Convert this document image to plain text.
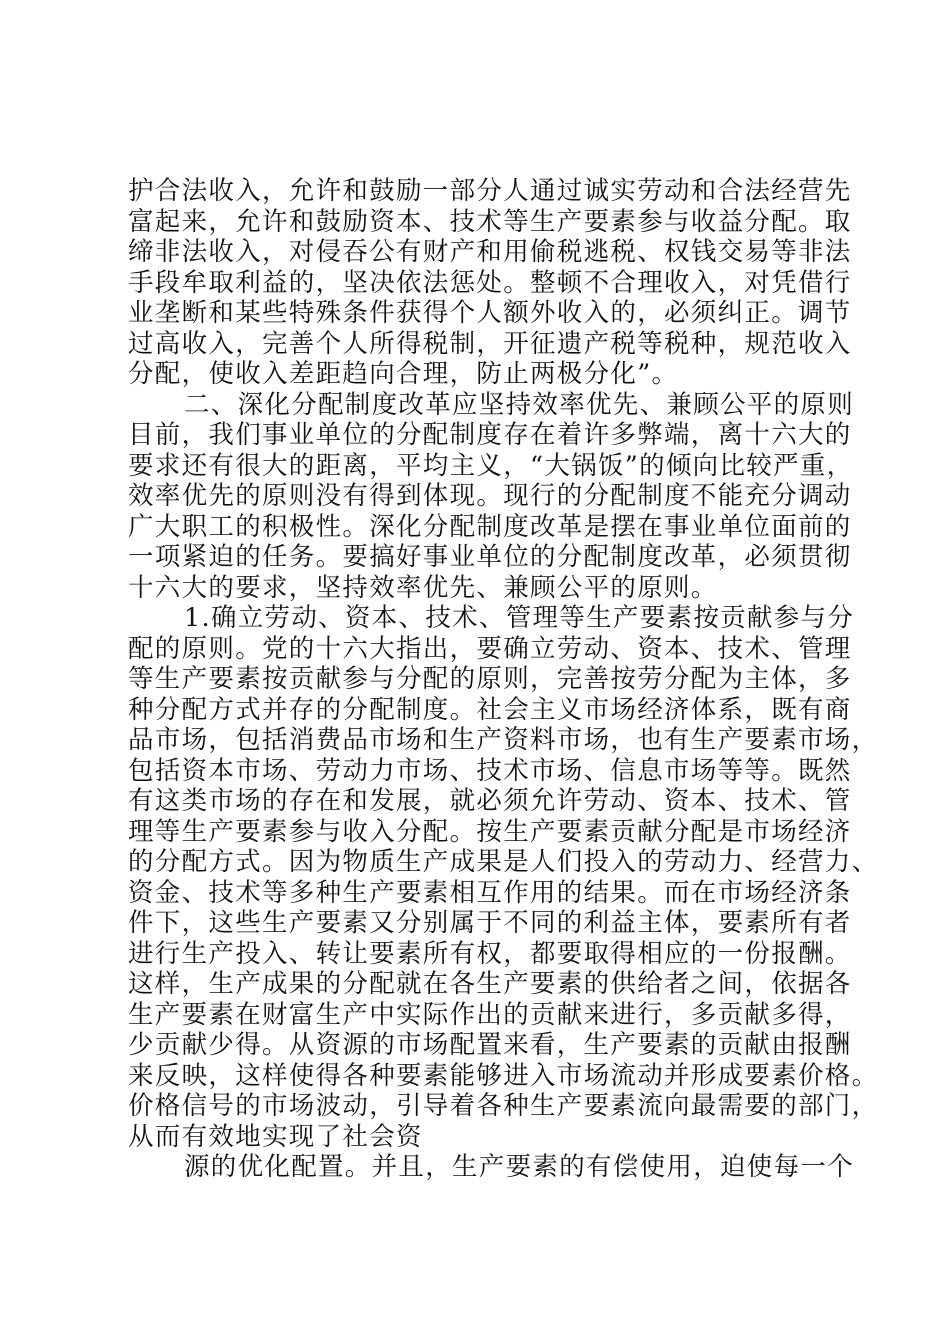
护合法收入，允许和鼓励一部分人通过诚实劳动和合法经营先
富起来，允许和鼓励资本、技术等生产要素参与收益分配。取
缔非法收入，对侵吞公有财产和用偷税逃税、权钱交易等非法
手段牟取利益的，坚决依法惩处。整顿不合理收入，对凭借行
业垄断和某些特殊条件获得个人额外收入的，必须纠正。调节
过高收入，完善个人所得税制，开征遗产税等税种，规范收入
分配，使收入差距趋向合理，防止两极分化”。
二、深化分配制度改革应坚持效率优先、兼顾公平的原则
目前，我们事业单位的分配制度存在着许多弊端，离十六大的
要求还有很大的距离，平均主义，“大锅饭”的倾向比较严重，
效率优先的原则没有得到体现。现行的分配制度不能充分调动
广大职工的积极性。深化分配制度改革是摆在事业单位面前的
一项紧迫的任务。要搞好事业单位的分配制度改革，必须贯彻
十六大的要求，坚持效率优先、兼顾公平的原则。
1.确立劳动、资本、技术、管理等生产要素按贡献参与分
配的原则。党的十六大指出，要确立劳动、资本、技术、管理
等生产要素按贡献参与分配的原则，完善按劳分配为主体，多
种分配方式并存的分配制度。社会主义市场经济体系，既有商
品市场，包括消费品市场和生产资料市场，也有生产要素市场，
包括资本市场、劳动力市场、技术市场、信息市场等等。既然
有这类市场的存在和发展，就必须允许劳动、资本、技术、管
理等生产要素参与收入分配。按生产要素贡献分配是市场经济
的分配方式。因为物质生产成果是人们投入的劳动力、经营力、
资金、技术等多种生产要素相互作用的结果。而在市场经济条
件下，这些生产要素又分别属于不同的利益主体，要素所有者
进行生产投入、转让要素所有权，都要取得相应的一份报酬。
这样，生产成果的分配就在各生产要素的供给者之间，依据各
生产要素在财富生产中实际作出的贡献来进行，多贡献多得，
少贡献少得。从资源的市场配置来看，生产要素的贡献由报酬
来反映，这样使得各种要素能够进入市场流动并形成要素价格。
价格信号的市场波动，引导着各种生产要素流向最需要的部门，
从而有效地实现了社会资
源的优化配置。并且，生产要素的有偿使用，迫使每一个
